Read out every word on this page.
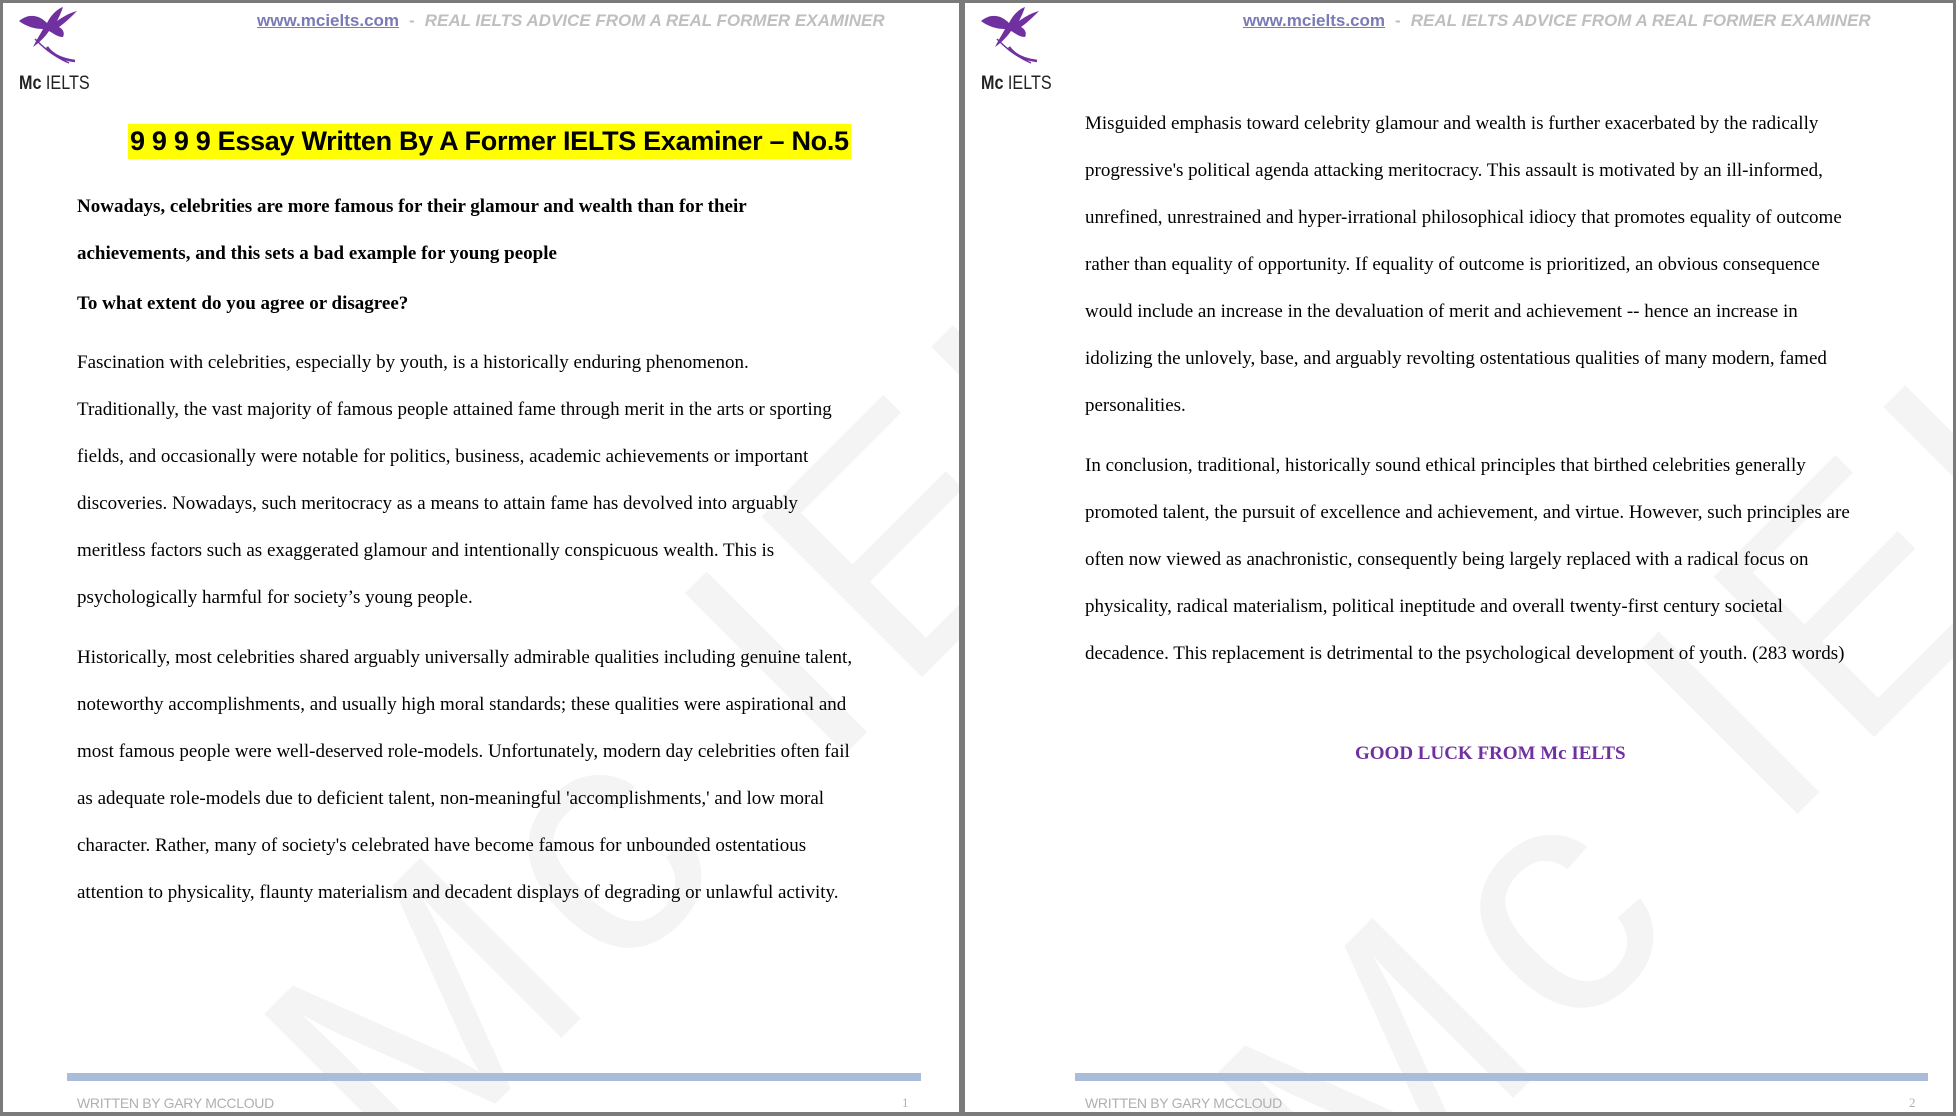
Mc IELTS
www.mcielts.com - REAL IELTS ADVICE FROM A REAL FORMER EXAMINER
9 9 9 9 Essay Written By A Former IELTS Examiner – No.5
Nowadays, celebrities are more famous for their glamour and wealth than for their
achievements, and this sets a bad example for young people
To what extent do you agree or disagree?
Fascination with celebrities, especially by youth, is a historically enduring phenomenon.
Traditionally, the vast majority of famous people attained fame through merit in the arts or sporting
fields, and occasionally were notable for politics, business, academic achievements or important
discoveries. Nowadays, such meritocracy as a means to attain fame has devolved into arguably
meritless factors such as exaggerated glamour and intentionally conspicuous wealth. This is
psychologically harmful for society’s young people.
Historically, most celebrities shared arguably universally admirable qualities including genuine talent,
noteworthy accomplishments, and usually high moral standards; these qualities were aspirational and
most famous people were well-deserved role-models. Unfortunately, modern day celebrities often fail
as adequate role-models due to deficient talent, non-meaningful 'accomplishments,' and low moral
character. Rather, many of society's celebrated have become famous for unbounded ostentatious
attention to physicality, flaunty materialism and decadent displays of degrading or unlawful activity.
WRITTEN BY GARY MCCLOUD	1
Mc IELTS
www.mcielts.com - REAL IELTS ADVICE FROM A REAL FORMER EXAMINER
Misguided emphasis toward celebrity glamour and wealth is further exacerbated by the radically
progressive's political agenda attacking meritocracy. This assault is motivated by an ill-informed,
unrefined, unrestrained and hyper-irrational philosophical idiocy that promotes equality of outcome
rather than equality of opportunity. If equality of outcome is prioritized, an obvious consequence
would include an increase in the devaluation of merit and achievement -- hence an increase in
idolizing the unlovely, base, and arguably revolting ostentatious qualities of many modern, famed
personalities.
In conclusion, traditional, historically sound ethical principles that birthed celebrities generally
promoted talent, the pursuit of excellence and achievement, and virtue. However, such principles are
often now viewed as anachronistic, consequently being largely replaced with a radical focus on
physicality, radical materialism, political ineptitude and overall twenty-first century societal
decadence. This replacement is detrimental to the psychological development of youth. (283 words)
GOOD LUCK FROM Mc IELTS
WRITTEN BY GARY MCCLOUD	2
